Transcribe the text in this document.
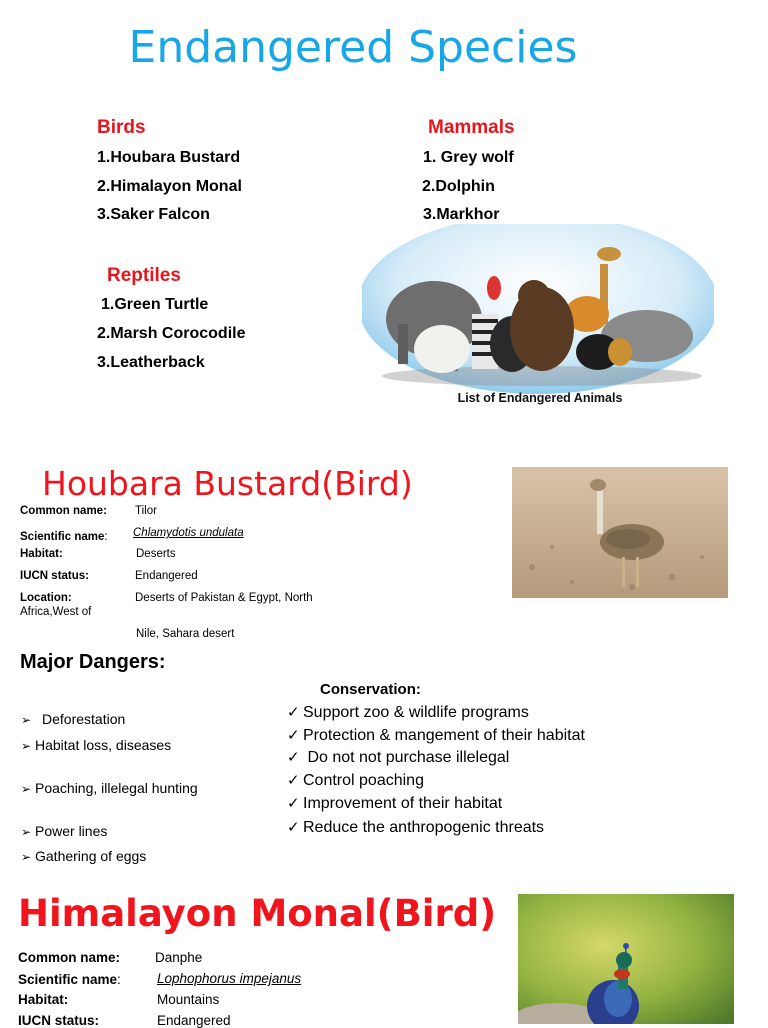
Endangered Species
Birds
1.Houbara Bustard
2.Himalayon Monal
3.Saker Falcon
Mammals
1. Grey wolf
2.Dolphin
3.Markhor
Reptiles
1.Green Turtle
2.Marsh Corocodile
3.Leatherback
List of Endangered Animals
Houbara Bustard(Bird)
Common name: Tilor
Scientific name: Chlamydotis undulata
Habitat:	Deserts
IUCN status:	Endangered
Location:	Deserts of Pakistan & Egypt, North
Africa,West of
Nile, Sahara desert
Major Dangers:
➢ Deforestation
➢ Habitat loss, diseases
➢ Poaching, illelegal hunting
➢ Power lines
➢ Gathering of eggs
Conservation:
✓ Support zoo & wildlife programs
✓ Protection & mangement of their habitat
✓ Do not not purchase illelegal
✓ Control poaching
✓ Improvement of their habitat
✓ Reduce the anthropogenic threats
Himalayon Monal(Bird)
Common name:	Danphe
Scientific name:	Lophophorus impejanus
Habitat:	Mountains
IUCN status:	Endangered
